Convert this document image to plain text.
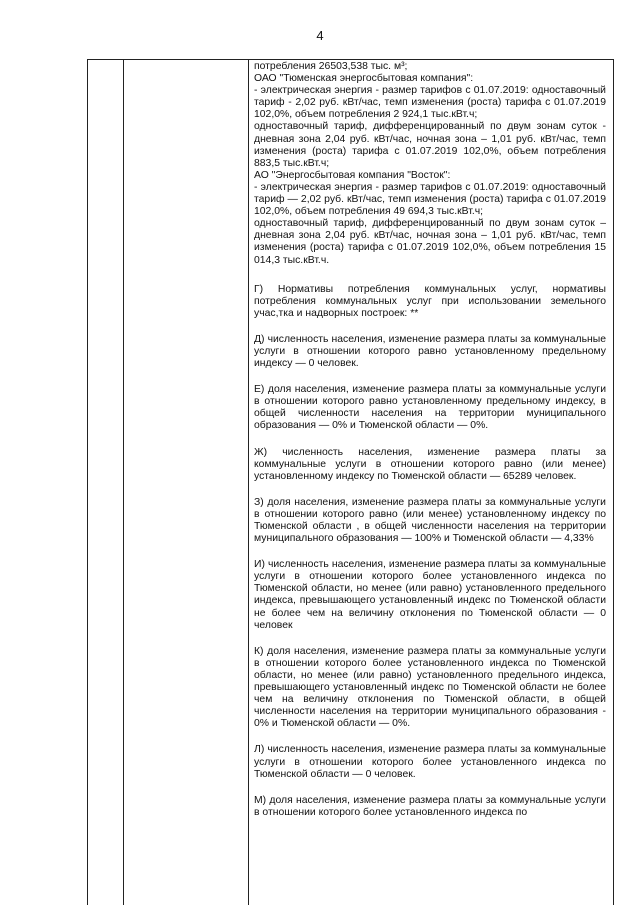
4

потребления 26503,538 тыс. м³;

ОАО "Тюменская энергосбытовая компания":

- электрическая энергия - размер тарифов с 01.07.2019: одноставочный тариф - 2,02 руб. кВт/час, темп изменения (роста) тарифа с 01.07.2019 102,0%, объем потребления 2 924,1 тыс.кВт.ч;

одноставочный тариф, дифференцированный по двум зонам суток - дневная зона 2,04 руб. кВт/час, ночная зона – 1,01 руб. кВт/час, темп изменения (роста) тарифа с 01.07.2019 102,0%, объем потребления 883,5 тыс.кВт.ч;

АО "Энергосбытовая компания "Восток":

- электрическая энергия - размер тарифов с 01.07.2019: одноставочный тариф — 2,02 руб. кВт/час, темп изменения (роста) тарифа с 01.07.2019 102,0%, объем потребления 49 694,3 тыс.кВт.ч;

одноставочный тариф, дифференцированный по двум зонам суток – дневная зона 2,04 руб. кВт/час, ночная зона – 1,01 руб. кВт/час, темп изменения (роста) тарифа с 01.07.2019 102,0%, объем потребления 15 014,3 тыс.кВт.ч.

Г) Нормативы потребления коммунальных услуг, нормативы потребления коммунальных услуг при использовании земельного учас,тка и надворных построек: **

Д) численность населения, изменение размера платы за коммунальные услуги в отношении которого равно установленному предельному индексу — 0 человек.

Е) доля населения, изменение размера платы за коммунальные услуги в отношении которого равно установленному предельному индексу, в общей численности населения на территории муниципального образования — 0% и Тюменской области — 0%.

Ж) численность населения, изменение размера платы за коммунальные услуги в отношении которого равно (или менее) установленному индексу по Тюменской области — 65289 человек.

З) доля населения, изменение размера платы за коммунальные услуги в отношении которого равно (или менее) установленному индексу по Тюменской области , в общей численности населения на территории муниципального образования — 100% и Тюменской области — 4,33%

И) численность населения, изменение размера платы за коммунальные услуги в отношении которого более установленного индекса по Тюменской области, но менее (или равно) установленного предельного индекса, превышающего установленный индекс по Тюменской области не более чем на величину отклонения по Тюменской области — 0 человек

К) доля населения, изменение размера платы за коммунальные услуги в отношении которого более установленного индекса по Тюменской области, но менее (или равно) установленного предельного индекса, превышающего установленный индекс по Тюменской области не более чем на величину отклонения по Тюменской области, в общей численности населения на территории муниципального образования - 0% и Тюменской области — 0%.

Л) численность населения, изменение размера платы за коммунальные услуги в отношении которого более установленного индекса по Тюменской области — 0 человек.

М) доля населения, изменение размера платы за коммунальные услуги в отношении которого более установленного индекса по
